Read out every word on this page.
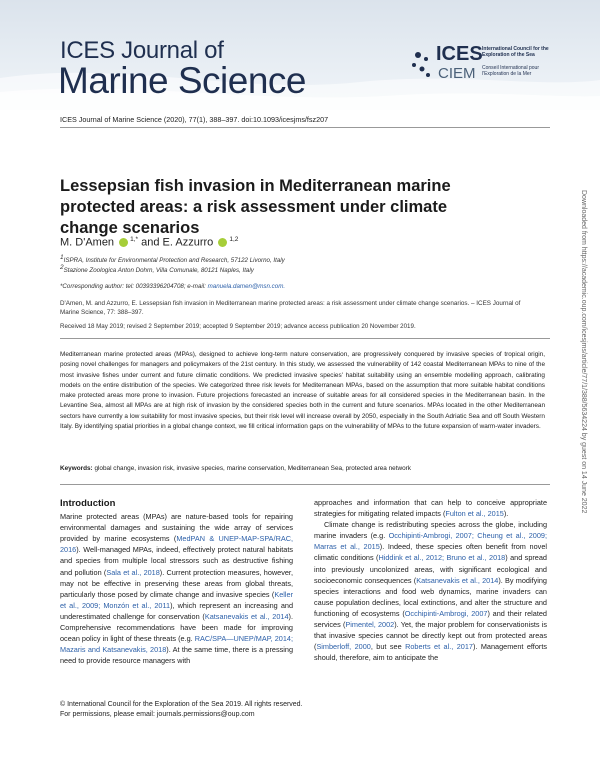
ICES Journal of
Marine Science
ICES
CIEM
International Council for the Exploration of the Sea
Conseil International pour l'Exploration de la Mer
ICES Journal of Marine Science (2020), 77(1), 388–397. doi:10.1093/icesjms/fsz207
Lessepsian fish invasion in Mediterranean marine protected areas: a risk assessment under climate change scenarios
M. D'Amen $^{1,*}$ and E. Azzurro $^{1,2}$
1ISPRA, Institute for Environmental Protection and Research, 57122 Livorno, Italy
2Stazione Zoologica Anton Dohrn, Villa Comunale, 80121 Naples, Italy
*Corresponding author: tel: 00393396204708; e-mail: manuela.damen@msn.com.
D'Amen, M. and Azzurro, E. Lessepsian fish invasion in Mediterranean marine protected areas: a risk assessment under climate change scenarios. – ICES Journal of Marine Science, 77: 388–397.
Received 18 May 2019; revised 2 September 2019; accepted 9 September 2019; advance access publication 20 November 2019.
Mediterranean marine protected areas (MPAs), designed to achieve long-term nature conservation, are progressively conquered by invasive species of tropical origin, posing novel challenges for managers and policymakers of the 21st century. In this study, we assessed the vulnerability of 142 coastal Mediterranean MPAs to nine of the most invasive fishes under current and future climatic conditions. We predicted invasive species' habitat suitability using an ensemble modelling approach, calibrating models on the entire distribution of the species. We categorized three risk levels for Mediterranean MPAs, based on the assumption that more suitable habitat conditions make protected areas more prone to invasion. Future projections forecasted an increase of suitable areas for all considered species in the Mediterranean basin. In the Levantine Sea, almost all MPAs are at high risk of invasion by the considered species both in the current and future scenarios. MPAs located in the other Mediterranean sectors have currently a low suitability for most invasive species, but their risk level will increase overall by 2050, especially in the South Adriatic Sea and off South Western Italy. By identifying spatial priorities in a global change context, we fill critical information gaps on the vulnerability of MPAs to the future expansion of warm-water invaders.
Keywords: global change, invasion risk, invasive species, marine conservation, Mediterranean Sea, protected area network
Introduction

Marine protected areas (MPAs) are nature-based tools for repairing environmental damages and sustaining the wide array of services provided by marine ecosystems (MedPAN & UNEP-MAP-SPA/RAC, 2016). Well-managed MPAs, indeed, effectively protect natural habitats and species from multiple local stressors such as destructive fishing and pollution (Sala et al., 2018). Current protection measures, however, may not be effective in preserving these areas from global threats, particularly those posed by climate change and invasive species (Keller et al., 2009; Monzón et al., 2011), which represent an increasing and underestimated challenge for conservation (Katsanevakis et al., 2014). Comprehensive recommendations have been made for improving ocean policy in light of these threats (e.g. RAC/SPA—UNEP/MAP, 2014; Mazaris and Katsanevakis, 2018). At the same time, there is a pressing need to provide resource managers with

approaches and information that can help to conceive appropriate strategies for mitigating related impacts (Fulton et al., 2015).
Climate change is redistributing species across the globe, including marine invaders (e.g. Occhipinti-Ambrogi, 2007; Cheung et al., 2009; Marras et al., 2015). Indeed, these species often benefit from novel climatic conditions (Hiddink et al., 2012; Bruno et al., 2018) and spread into previously uncolonized areas, with significant ecological and socioeconomic consequences (Katsanevakis et al., 2014). By modifying species interactions and food web dynamics, marine invaders can cause population declines, local extinctions, and alter the structure and functioning of ecosystems (Occhipinti-Ambrogi, 2007) and their related services (Pimentel, 2002). Yet, the major problem for conservationists is that invasive species cannot be directly kept out from protected areas (Simberloff, 2000, but see Roberts et al., 2017). Management efforts should, therefore, aim to anticipate the

© International Council for the Exploration of the Sea 2019. All rights reserved.
For permissions, please email: journals.permissions@oup.com
Downloaded from https://academic.oup.com/icesjms/article/77/1/388/5634224 by guest on 14 June 2022
